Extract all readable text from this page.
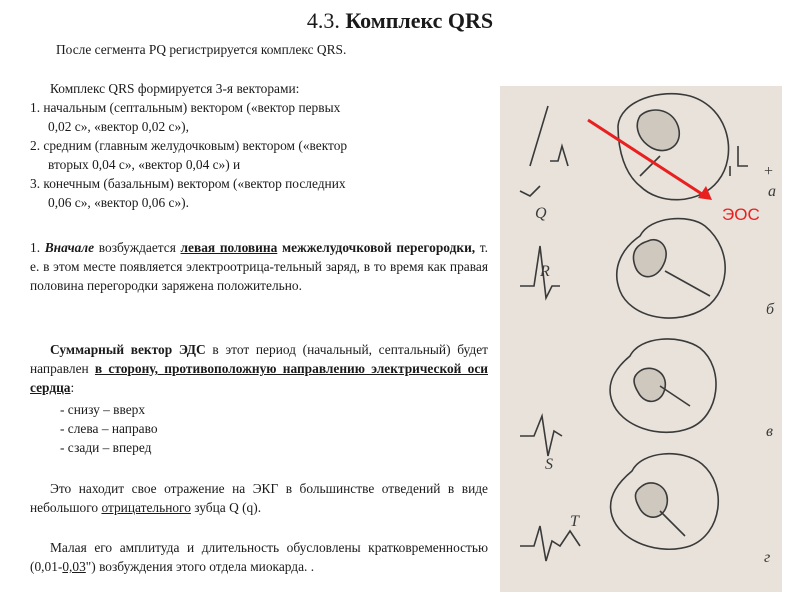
4.3. Комплекс QRS

После сегмента PQ регистрируется комплекс QRS.

Комплекс QRS формируется 3-я векторами:

1. начальным (септальным) вектором («вектор первых
0,02 с», «вектор 0,02 с»),
2. средним (главным желудочковым) вектором («вектор
вторых 0,04 с», «вектор 0,04 с») и
3. конечным (базальным) вектором («вектор последних
0,06 с», «вектор 0,06 с»).
1. Вначале возбуждается левая половина межжелудочковой перегородки, т. е. в этом месте появляется электроотрица-тельный заряд, в то время как правая половина перегородки заряжена положительно.
Суммарный вектор ЭДС в этот период (начальный, септальный) будет направлен в сторону, противоположную направлению электрической оси сердца:
- снизу – вверх
- слева – направо
- сзади – вперед
Это находит свое отражение на ЭКГ в большинстве отведений в виде небольшого отрицательного зубца Q (q).
Малая его амплитуда и длительность обусловлены кратковременностью (0,01-0,03") возбуждения этого отдела миокарда. .
Q
R
S
T
а
б
в
г
+
ЭОС
